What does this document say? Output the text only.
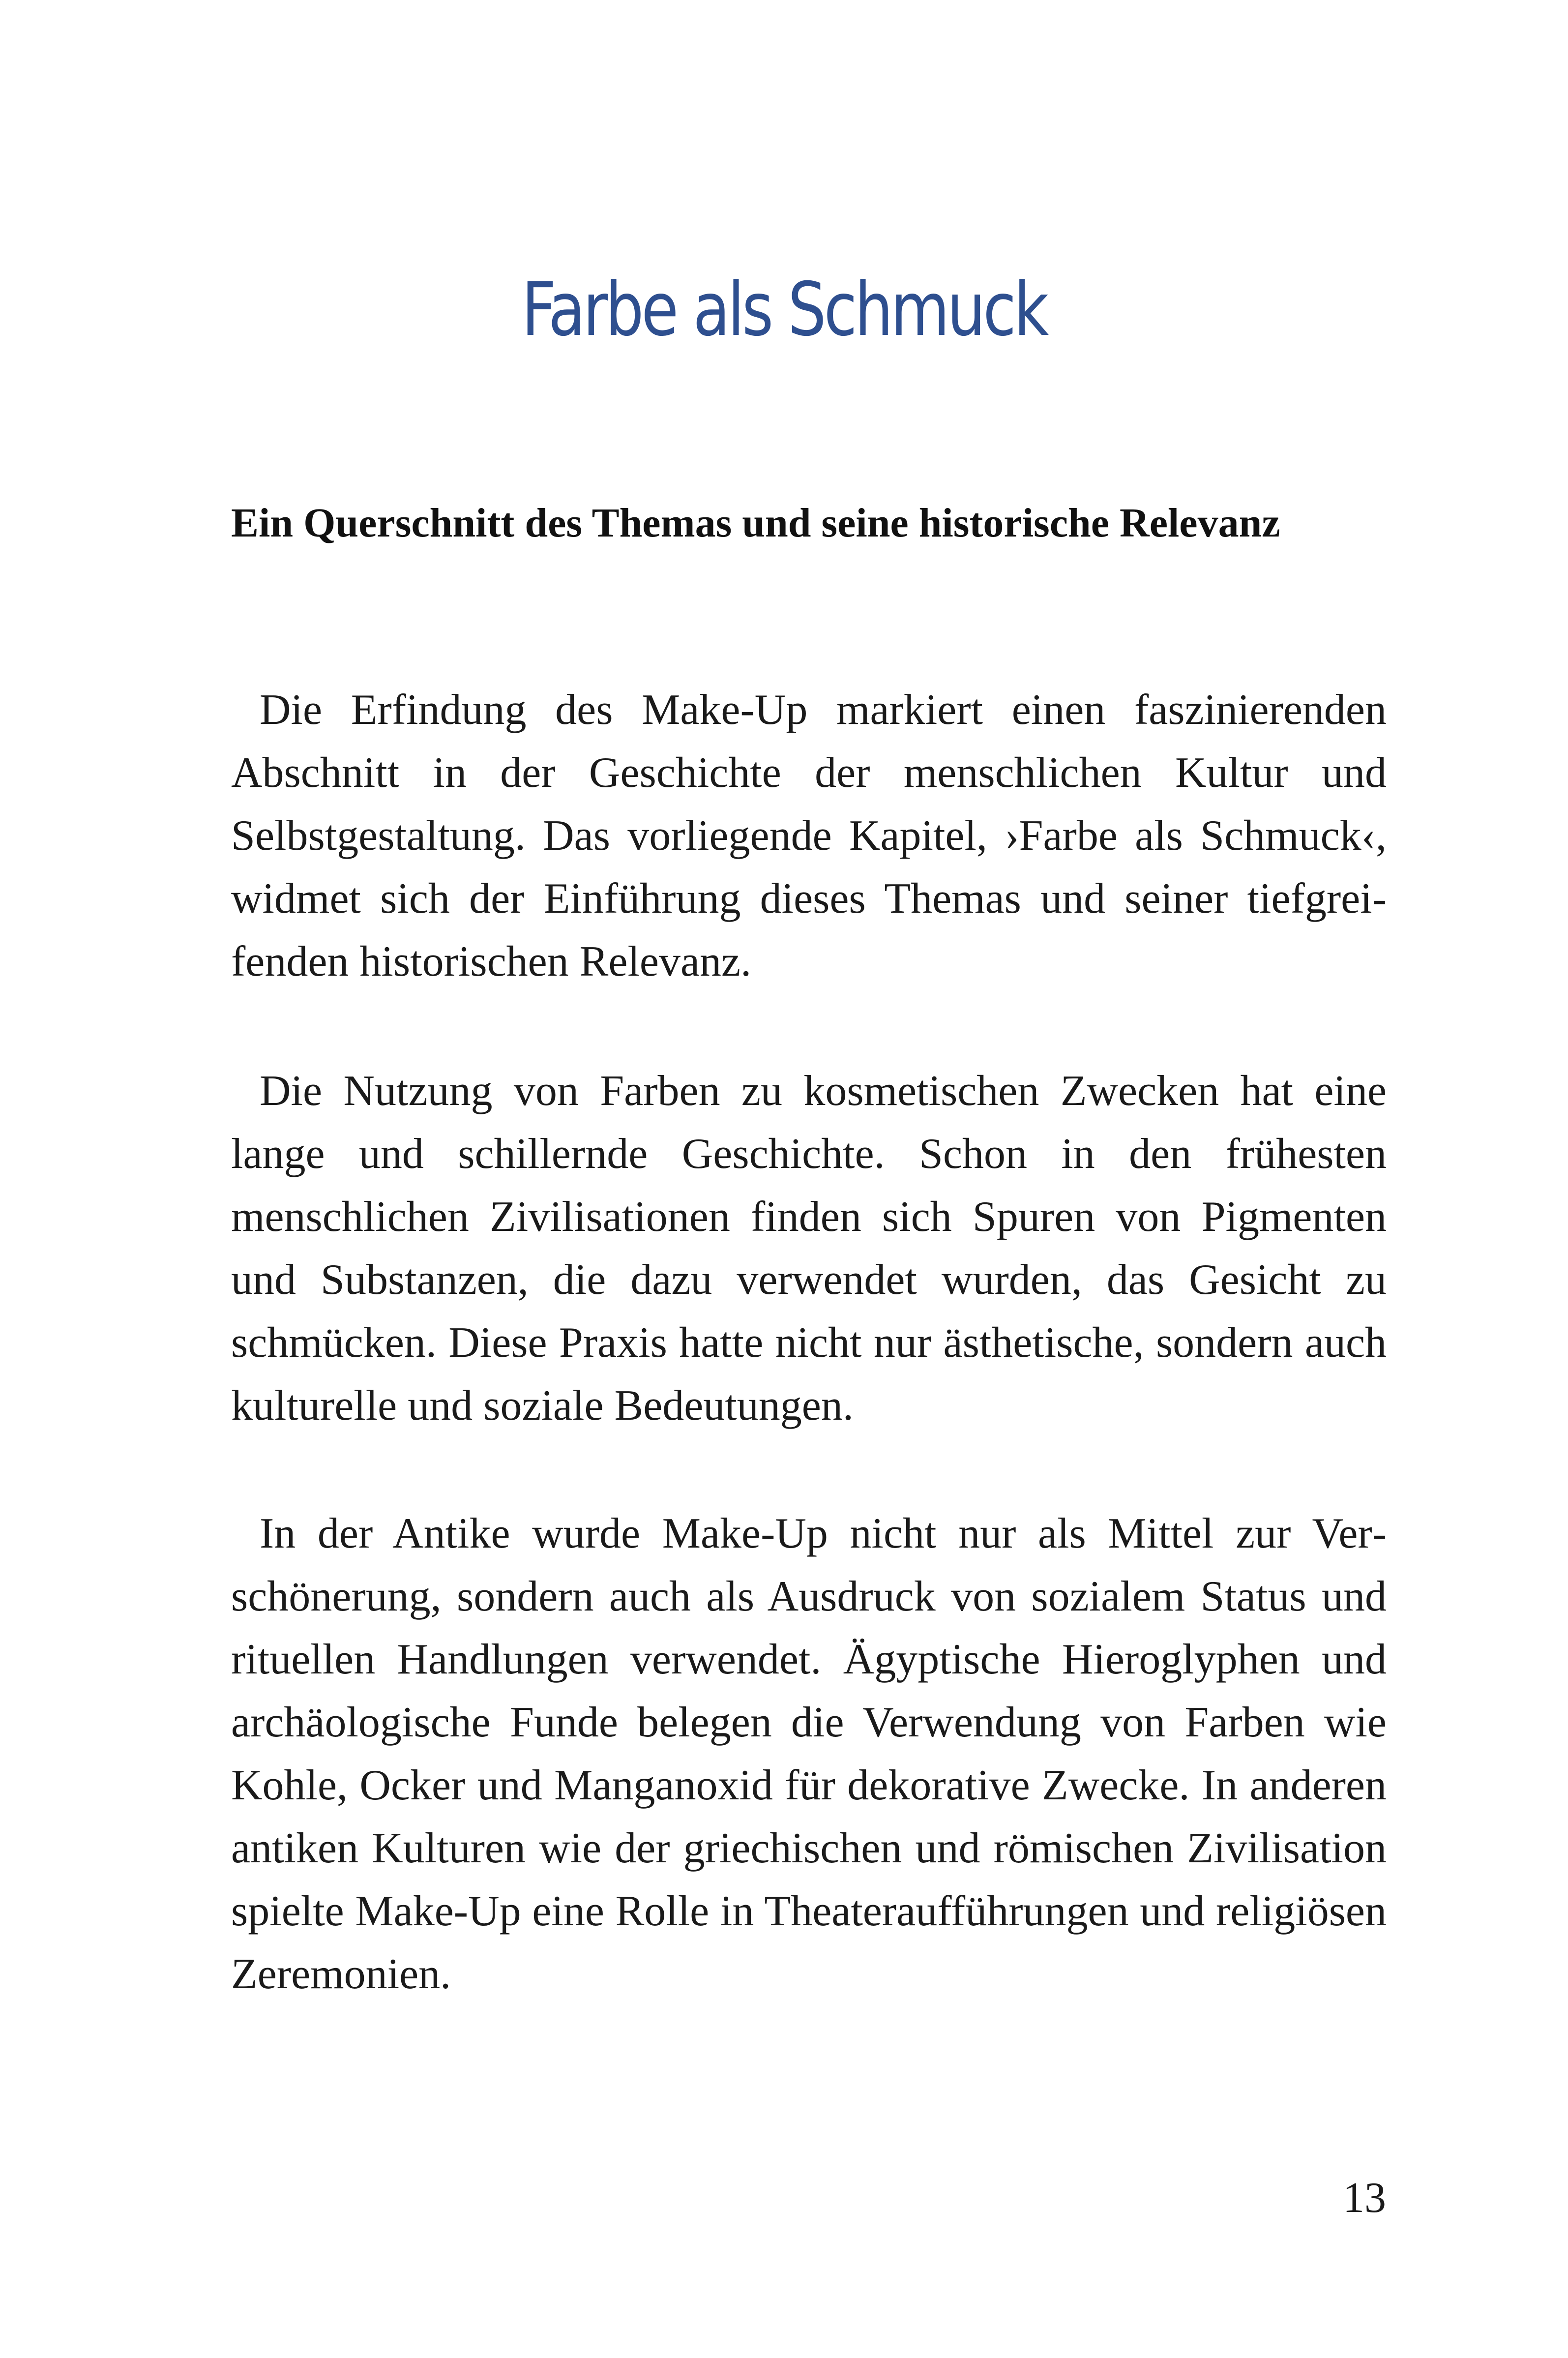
Farbe als Schmuck
Ein Querschnitt des Themas und seine historische Relevanz

Die Erfindung des Make-Up markiert einen faszinierenden Abschnitt in der Geschichte der menschlichen Kultur und Selbstgestaltung. Das vorliegende Kapitel, ›Farbe als Schmuck‹, widmet sich der Einführung dieses Themas und seiner tiefgreifenden historischen Relevanz.

Die Nutzung von Farben zu kosmetischen Zwecken hat eine lange und schillernde Geschichte. Schon in den frühesten menschlichen Zivilisationen finden sich Spuren von Pigmenten und Substanzen, die dazu verwendet wurden, das Gesicht zu schmücken. Diese Praxis hatte nicht nur ästhetische, sondern auch kulturelle und soziale Bedeutungen.

In der Antike wurde Make-Up nicht nur als Mittel zur Verschönerung, sondern auch als Ausdruck von sozialem Status und rituellen Handlungen verwendet. Ägyptische Hieroglyphen und archäologische Funde belegen die Verwendung von Farben wie Kohle, Ocker und Manganoxid für dekorative Zwecke. In anderen antiken Kulturen wie der griechischen und römischen Zivilisation spielte Make-Up eine Rolle in Theateraufführungen und religiösen Zeremonien.

13
